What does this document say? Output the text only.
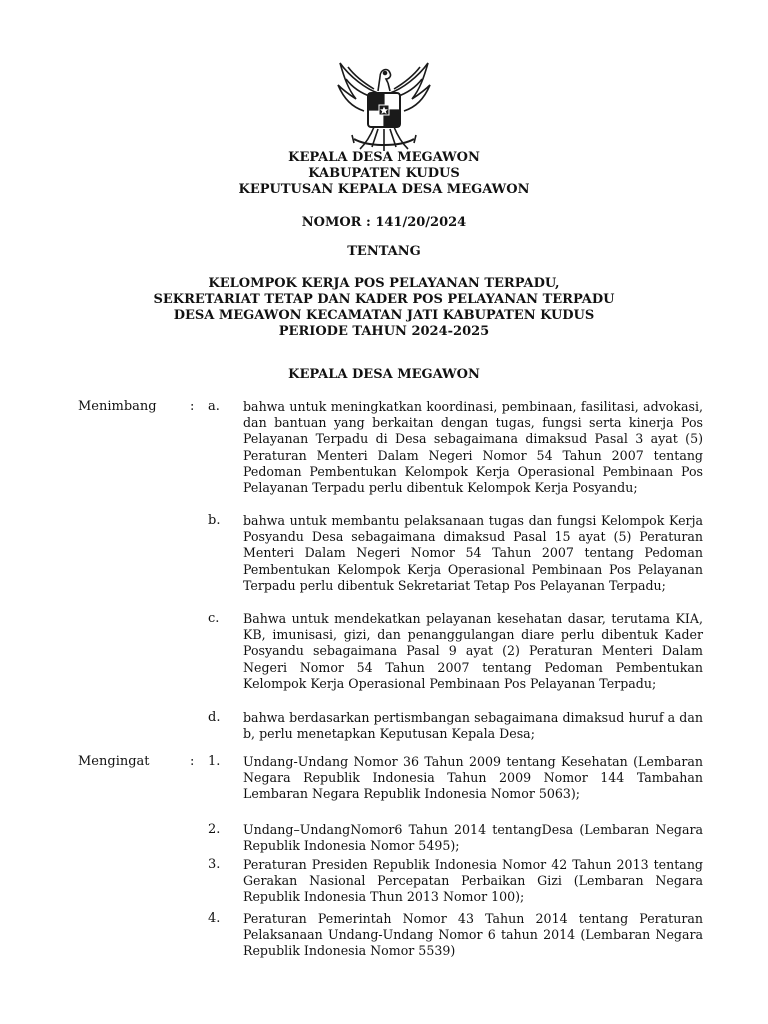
KEPALA DESA MEGAWON
KABUPATEN KUDUS
KEPUTUSAN KEPALA DESA MEGAWON
NOMOR : 141/20/2024
TENTANG
KELOMPOK KERJA POS PELAYANAN TERPADU,
SEKRETARIAT TETAP DAN KADER POS PELAYANAN TERPADU
DESA MEGAWON KECAMATAN JATI KABUPATEN KUDUS
PERIODE TAHUN 2024-2025
KEPALA DESA MEGAWON
Menimbang	: a. bahwa untuk meningkatkan koordinasi, pembinaan, fasilitasi, advokasi, dan bantuan yang berkaitan dengan tugas, fungsi serta kinerja Pos Pelayanan Terpadu di Desa sebagaimana dimaksud Pasal 3 ayat (5) Peraturan Menteri Dalam Negeri Nomor 54 Tahun 2007 tentang Pedoman Pembentukan Kelompok Kerja Operasional Pembinaan Pos Pelayanan Terpadu perlu dibentuk Kelompok Kerja Posyandu;
b. bahwa untuk membantu pelaksanaan tugas dan fungsi Kelompok Kerja Posyandu Desa sebagaimana dimaksud Pasal 15 ayat (5) Peraturan Menteri Dalam Negeri Nomor 54 Tahun 2007 tentang Pedoman Pembentukan Kelompok Kerja Operasional Pembinaan Pos Pelayanan Terpadu perlu dibentuk Sekretariat Tetap Pos Pelayanan Terpadu;
c. Bahwa untuk mendekatkan pelayanan kesehatan dasar, terutama KIA, KB, imunisasi, gizi, dan penanggulangan diare perlu dibentuk Kader Posyandu sebagaimana Pasal 9 ayat (2) Peraturan Menteri Dalam Negeri Nomor 54 Tahun 2007 tentang Pedoman Pembentukan Kelompok Kerja Operasional Pembinaan Pos Pelayanan Terpadu;
d. bahwa berdasarkan pertismbangan sebagaimana dimaksud huruf a dan b, perlu menetapkan Keputusan Kepala Desa;
Mengingat	: 1. Undang-Undang Nomor 36 Tahun 2009 tentang Kesehatan (Lembaran Negara Republik Indonesia Tahun 2009 Nomor 144 Tambahan Lembaran Negara Republik Indonesia Nomor 5063);
2. Undang–UndangNomor6 Tahun 2014 tentangDesa (Lembaran Negara Republik Indonesia Nomor 5495);
3. Peraturan Presiden Republik Indonesia Nomor 42 Tahun 2013 tentang Gerakan Nasional Percepatan Perbaikan Gizi (Lembaran Negara Republik Indonesia Thun 2013 Nomor 100);
4. Peraturan Pemerintah Nomor 43 Tahun 2014 tentang Peraturan Pelaksanaan Undang-Undang Nomor 6 tahun 2014 (Lembaran Negara Republik Indonesia Nomor 5539)
